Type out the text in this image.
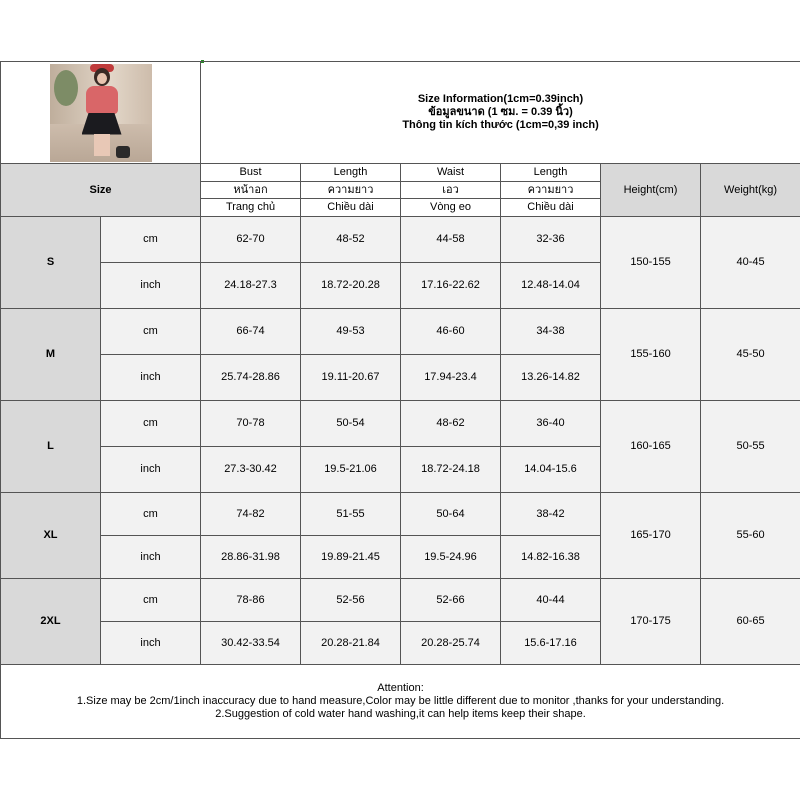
		Size Information(1cm=0.39inch)
ข้อมูลขนาด (1 ซม. = 0.39 นิ้ว)
Thông tin kích thước (1cm=0,39 inch)					

Size		Bust	Length	Waist	Length	Height(cm)	Weight(kg)
		หน้าอก	ความยาว	เอว	ความยาว		
		Trang chủ	Chiều dài	Vòng eo	Chiều dài		
S	cm	62-70	48-52	44-58	32-36	150-155	40-45
	inch	24.18-27.3	18.72-20.28	17.16-22.62	12.48-14.04		
M	cm	66-74	49-53	46-60	34-38	155-160	45-50
	inch	25.74-28.86	19.11-20.67	17.94-23.4	13.26-14.82		
L	cm	70-78	50-54	48-62	36-40	160-165	50-55
	inch	27.3-30.42	19.5-21.06	18.72-24.18	14.04-15.6		
XL	cm	74-82	51-55	50-64	38-42	165-170	55-60
	inch	28.86-31.98	19.89-21.45	19.5-24.96	14.82-16.38		
2XL	cm	78-86	52-56	52-66	40-44	170-175	60-65
	inch	30.42-33.54	20.28-21.84	20.28-25.74	15.6-17.16		

Attention:
1.Size may be 2cm/1inch inaccuracy due to hand measure,Color may be little different due to monitor ,thanks for your understanding.
2.Suggestion of cold water hand washing,it can help items keep their shape.							
